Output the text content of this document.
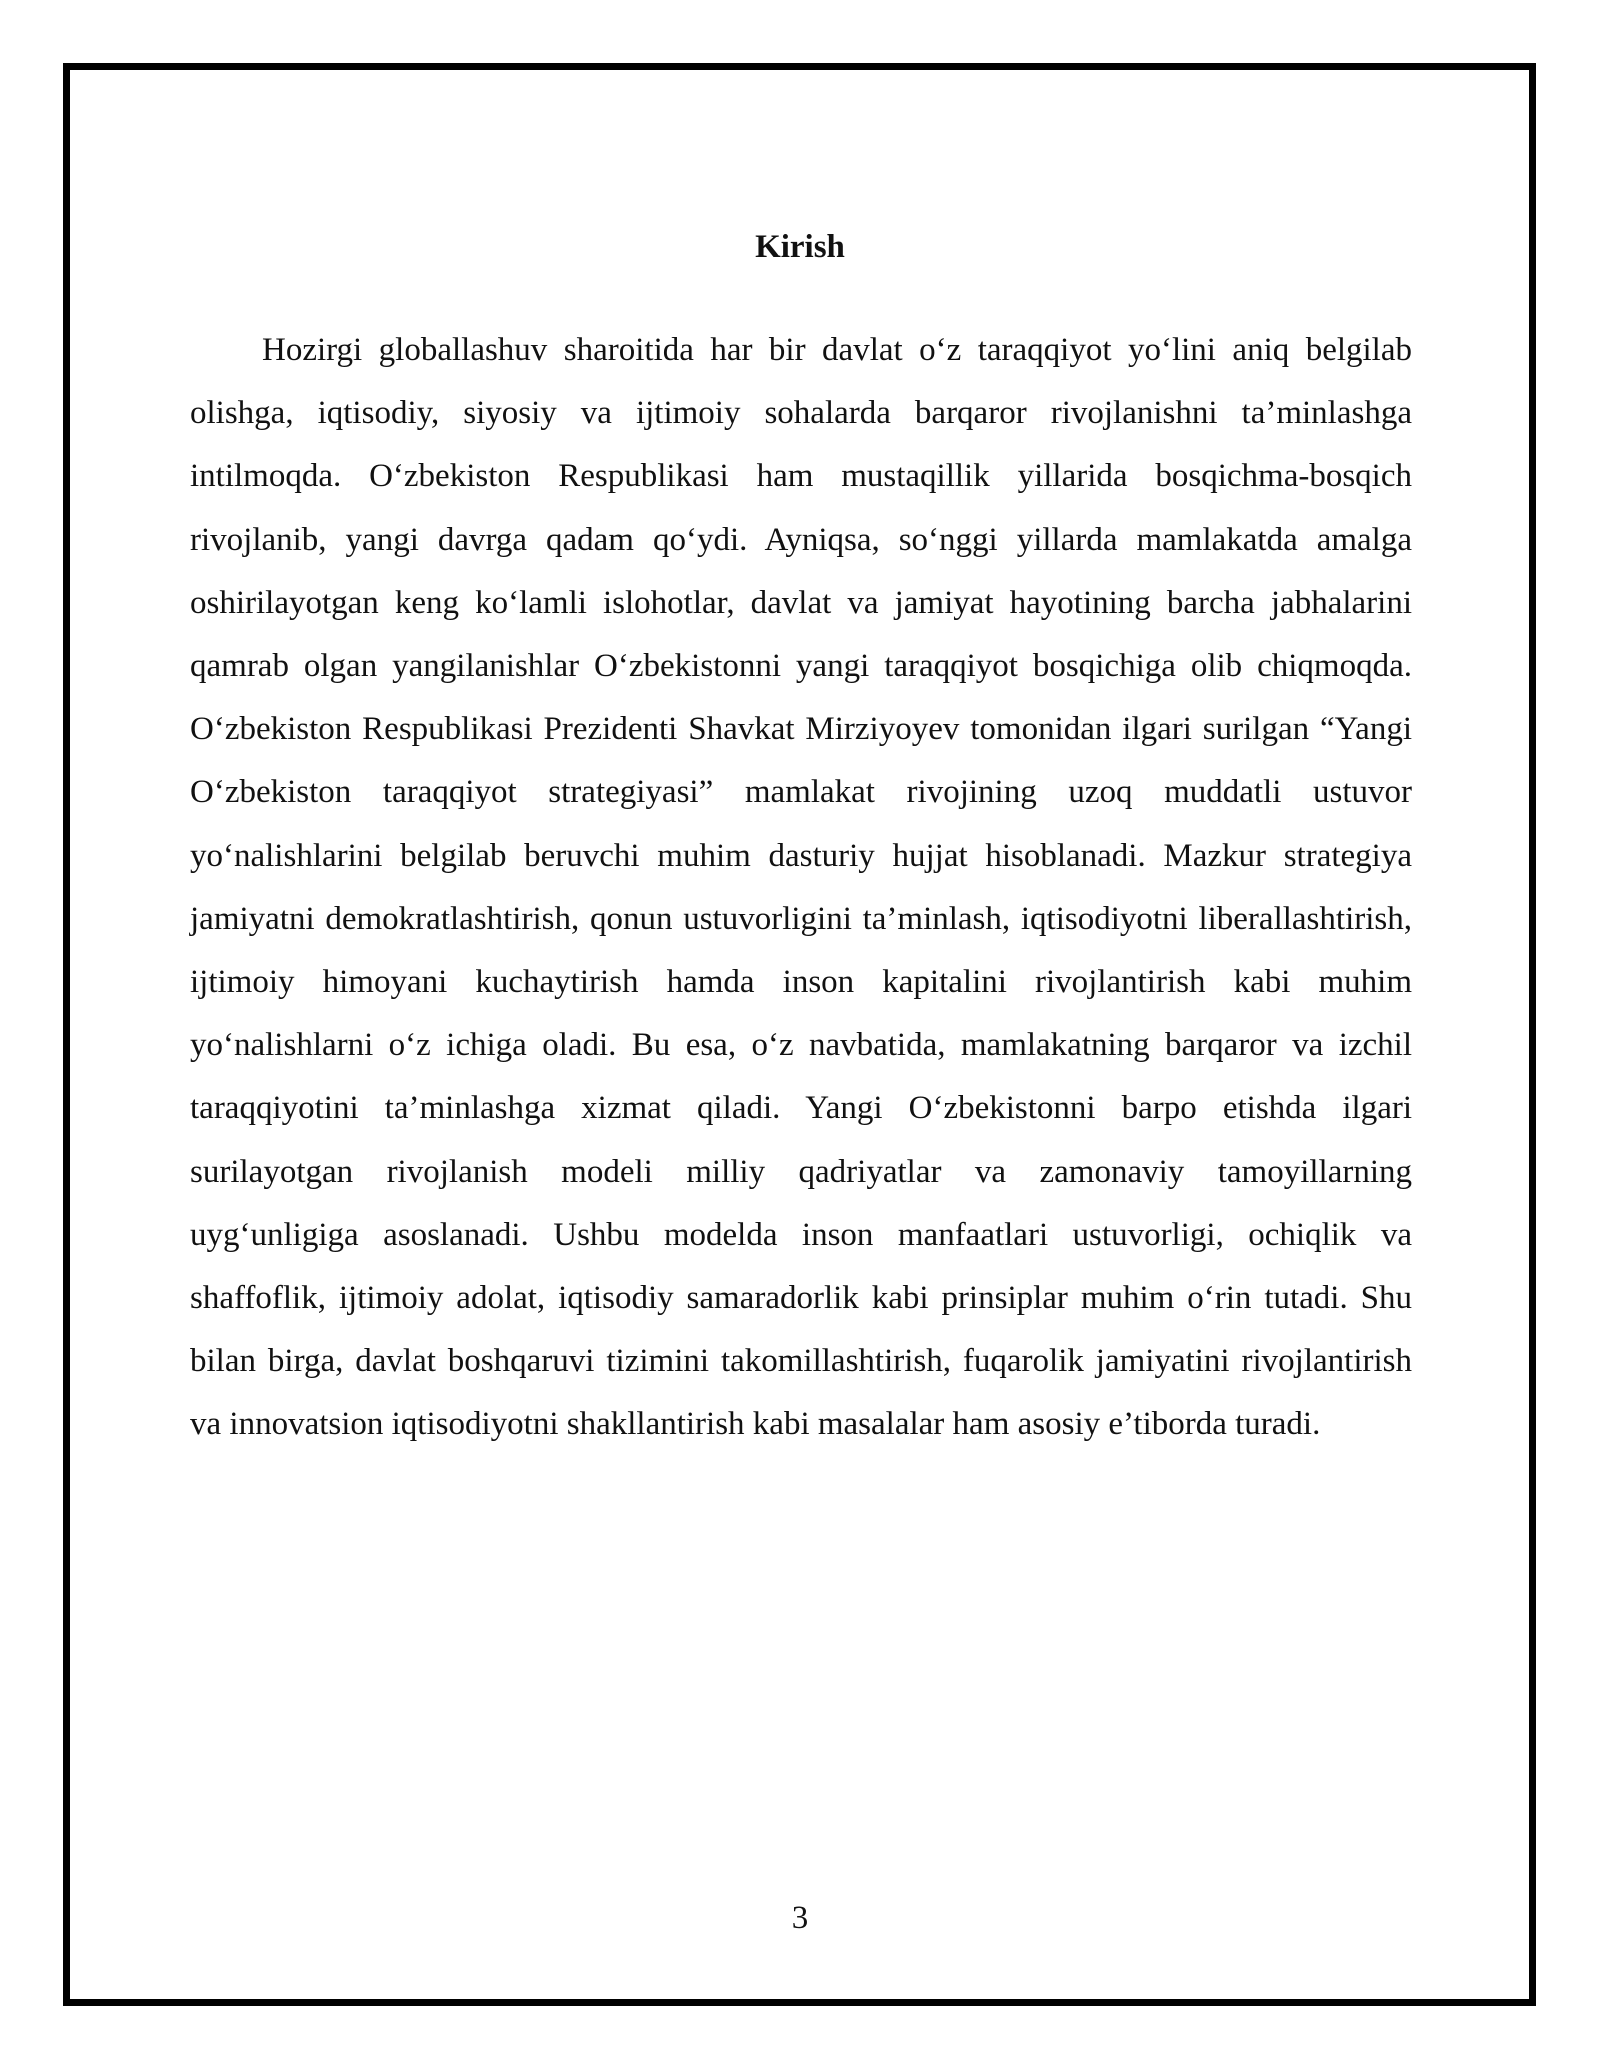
Kirish

Hozirgi globallashuv sharoitida har bir davlat o‘z taraqqiyot yo‘lini aniq belgilab olishga, iqtisodiy, siyosiy va ijtimoiy sohalarda barqaror rivojlanishni ta’minlashga intilmoqda. O‘zbekiston Respublikasi ham mustaqillik yillarida bosqichma-bosqich rivojlanib, yangi davrga qadam qo‘ydi. Ayniqsa, so‘nggi yillarda mamlakatda amalga oshirilayotgan keng ko‘lamli islohotlar, davlat va jamiyat hayotining barcha jabhalarini qamrab olgan yangilanishlar O‘zbekistonni yangi taraqqiyot bosqichiga olib chiqmoqda. O‘zbekiston Respublikasi Prezidenti Shavkat Mirziyoyev tomonidan ilgari surilgan “Yangi O‘zbekiston taraqqiyot strategiyasi” mamlakat rivojining uzoq muddatli ustuvor yo‘nalishlarini belgilab beruvchi muhim dasturiy hujjat hisoblanadi. Mazkur strategiya jamiyatni demokratlashtirish, qonun ustuvorligini ta’minlash, iqtisodiyotni liberallashtirish, ijtimoiy himoyani kuchaytirish hamda inson kapitalini rivojlantirish kabi muhim yo‘nalishlarni o‘z ichiga oladi. Bu esa, o‘z navbatida, mamlakatning barqaror va izchil taraqqiyotini ta’minlashga xizmat qiladi. Yangi O‘zbekistonni barpo etishda ilgari surilayotgan rivojlanish modeli milliy qadriyatlar va zamonaviy tamoyillarning uyg‘unligiga asoslanadi. Ushbu modelda inson manfaatlari ustuvorligi, ochiqlik va shaffoflik, ijtimoiy adolat, iqtisodiy samaradorlik kabi prinsiplar muhim o‘rin tutadi. Shu bilan birga, davlat boshqaruvi tizimini takomillashtirish, fuqarolik jamiyatini rivojlantirish va innovatsion iqtisodiyotni shakllantirish kabi masalalar ham asosiy e’tiborda turadi.

3
